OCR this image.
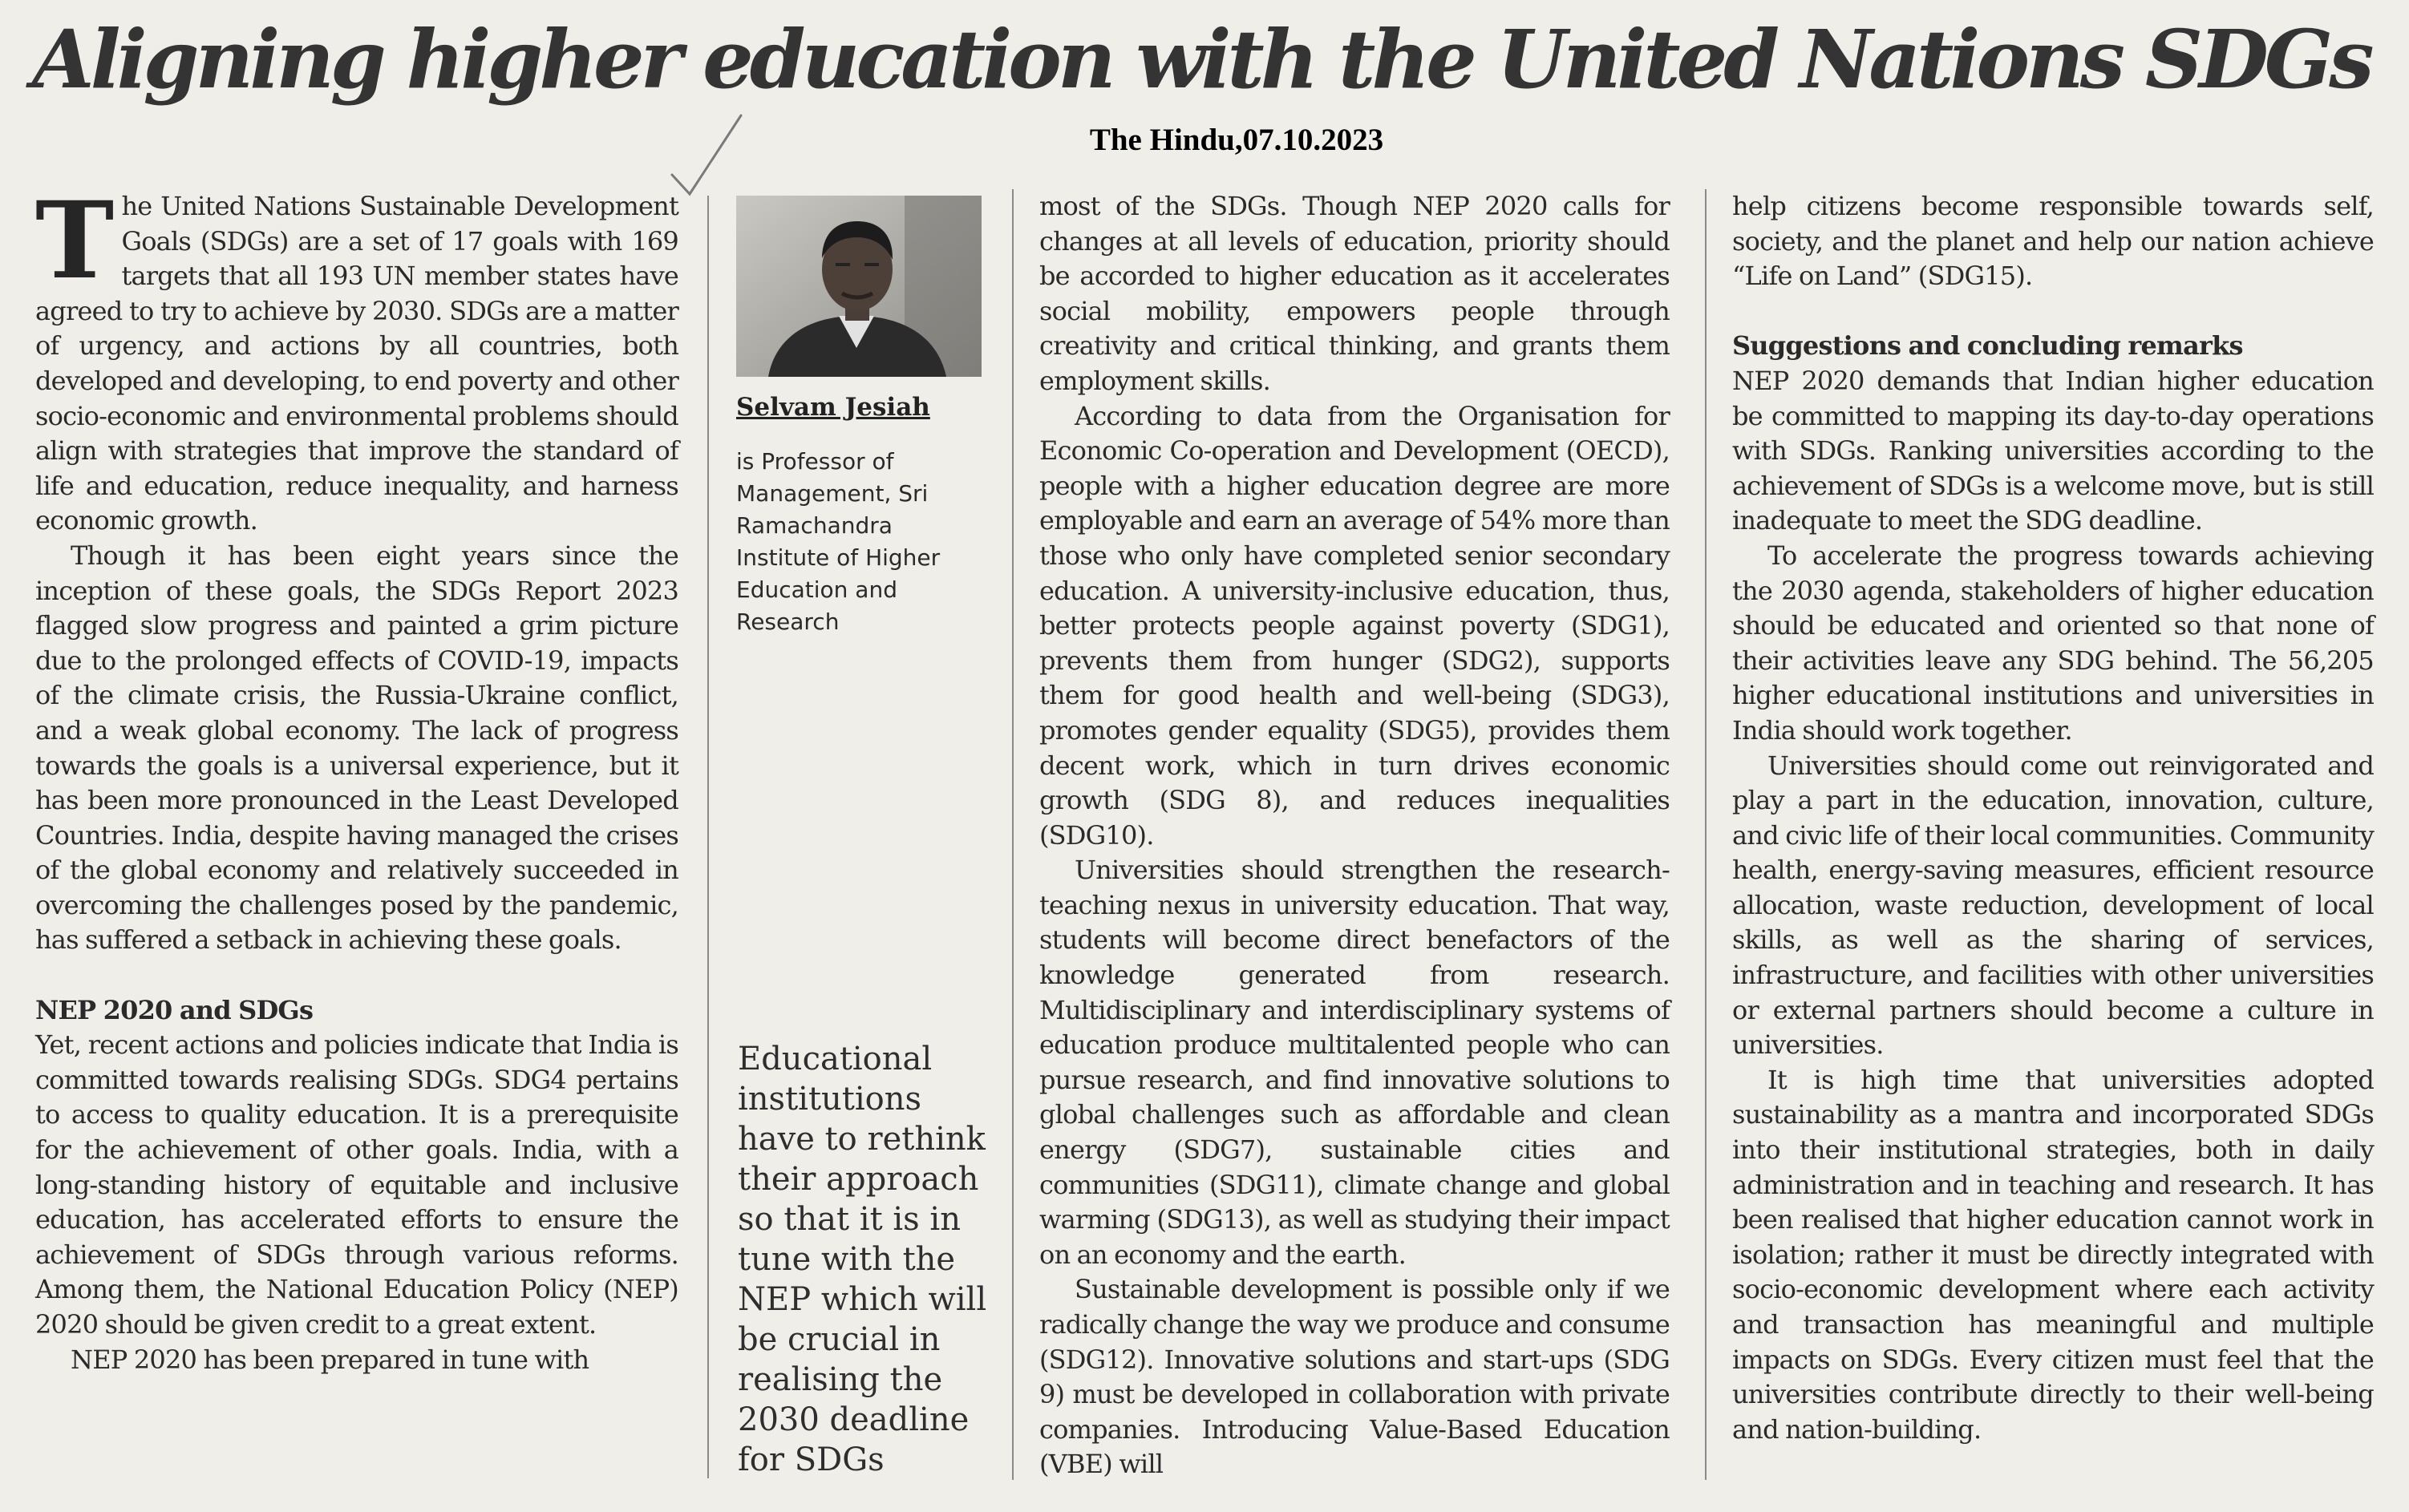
Aligning higher education with the United Nations SDGs
The Hindu,07.10.2023
T he United Nations Sustainable Development Goals (SDGs) are a set of 17 goals with 169 targets that all 193 UN member states have agreed to try to achieve by 2030. SDGs are a matter of urgency, and actions by all countries, both developed and developing, to end poverty and other socio-economic and environmental problems should align with strategies that improve the standard of life and education, reduce inequality, and harness economic growth.

Though it has been eight years since the inception of these goals, the SDGs Report 2023 flagged slow progress and painted a grim picture due to the prolonged effects of COVID-19, impacts of the climate crisis, the Russia-Ukraine conflict, and a weak global economy. The lack of progress towards the goals is a universal experience, but it has been more pronounced in the Least Developed Countries. India, despite having managed the crises of the global economy and relatively succeeded in overcoming the challenges posed by the pandemic, has suffered a setback in achieving these goals.

NEP 2020 and SDGs

Yet, recent actions and policies indicate that India is committed towards realising SDGs. SDG4 pertains to access to quality education. It is a prerequisite for the achievement of other goals. India, with a long-standing history of equitable and inclusive education, has accelerated efforts to ensure the achievement of SDGs through various reforms. Among them, the National Education Policy (NEP) 2020 should be given credit to a great extent.

NEP 2020 has been prepared in tune with

Selvam Jesiah
is Professor of Management, Sri Ramachandra Institute of Higher Education and Research
Educational institutions have to rethink their approach so that it is in tune with the NEP which will be crucial in realising the 2030 deadline for SDGs

most of the SDGs. Though NEP 2020 calls for changes at all levels of education, priority should be accorded to higher education as it accelerates social mobility, empowers people through creativity and critical thinking, and grants them employment skills.

According to data from the Organisation for Economic Co-operation and Development (OECD), people with a higher education degree are more employable and earn an average of 54% more than those who only have completed senior secondary education. A university-inclusive education, thus, better protects people against poverty (SDG1), prevents them from hunger (SDG2), supports them for good health and well-being (SDG3), promotes gender equality (SDG5), provides them decent work, which in turn drives economic growth (SDG 8), and reduces inequalities (SDG10).

Universities should strengthen the research-teaching nexus in university education. That way, students will become direct benefactors of the knowledge generated from research. Multidisciplinary and interdisciplinary systems of education produce multitalented people who can pursue research, and find innovative solutions to global challenges such as affordable and clean energy (SDG7), sustainable cities and communities (SDG11), climate change and global warming (SDG13), as well as studying their impact on an economy and the earth.

Sustainable development is possible only if we radically change the way we produce and consume (SDG12). Innovative solutions and start-ups (SDG 9) must be developed in collaboration with private companies. Introducing Value-Based Education (VBE) will

help citizens become responsible towards self, society, and the planet and help our nation achieve “Life on Land” (SDG15).

Suggestions and concluding remarks

NEP 2020 demands that Indian higher education be committed to mapping its day-to-day operations with SDGs. Ranking universities according to the achievement of SDGs is a welcome move, but is still inadequate to meet the SDG deadline.

To accelerate the progress towards achieving the 2030 agenda, stakeholders of higher education should be educated and oriented so that none of their activities leave any SDG behind. The 56,205 higher educational institutions and universities in India should work together.

Universities should come out reinvigorated and play a part in the education, innovation, culture, and civic life of their local communities. Community health, energy-saving measures, efficient resource allocation, waste reduction, development of local skills, as well as the sharing of services, infrastructure, and facilities with other universities or external partners should become a culture in universities.

It is high time that universities adopted sustainability as a mantra and incorporated SDGs into their institutional strategies, both in daily administration and in teaching and research. It has been realised that higher education cannot work in isolation; rather it must be directly integrated with socio-economic development where each activity and transaction has meaningful and multiple impacts on SDGs. Every citizen must feel that the universities contribute directly to their well-being and nation-building.
